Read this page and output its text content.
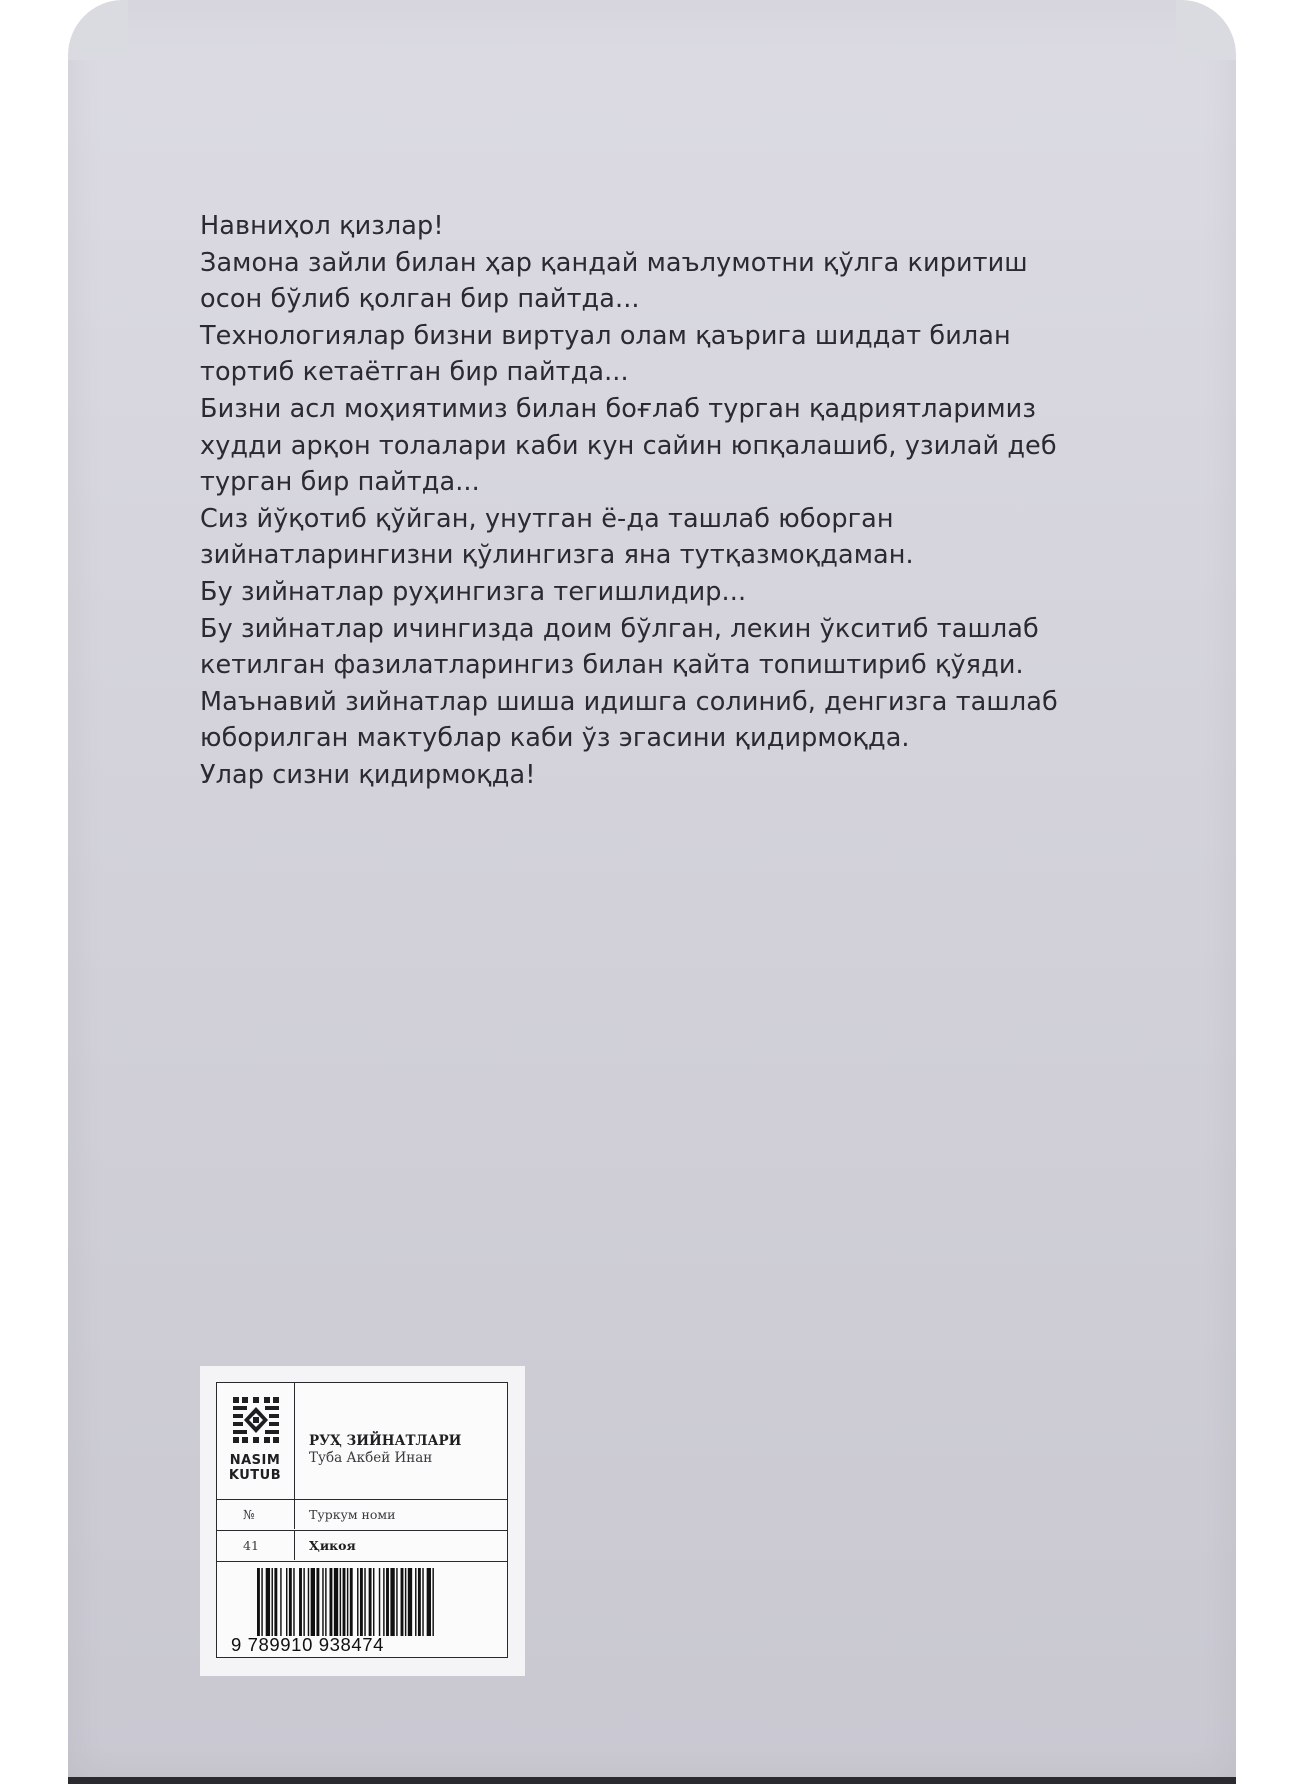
Навниҳол қизлар!
Замона зайли билан ҳар қандай маълумотни қўлга киритиш
осон бўлиб қолган бир пайтда...
Технологиялар бизни виртуал олам қаърига шиддат билан
тортиб кетаётган бир пайтда...
Бизни асл моҳиятимиз билан боғлаб турган қадриятларимиз
худди арқон толалари каби кун сайин юпқалашиб, узилай деб
турган бир пайтда...
Сиз йўқотиб қўйган, унутган ё-да ташлаб юборган
зийнатларингизни қўлингизга яна тутқазмоқдаман.
Бу зийнатлар руҳингизга тегишлидир...
Бу зийнатлар ичингизда доим бўлган, лекин ўкситиб ташлаб
кетилган фазилатларингиз билан қайта топиштириб қўяди.
Маънавий зийнатлар шиша идишга солиниб, денгизга ташлаб
юборилган мактублар каби ўз эгасини қидирмоқда.
Улар сизни қидирмоқда!
NASIM
KUTUB
РУҲ ЗИЙНАТЛАРИ
Туба Акбей Инан
№	Туркум номи
41	Ҳикоя
9 789910 938474
